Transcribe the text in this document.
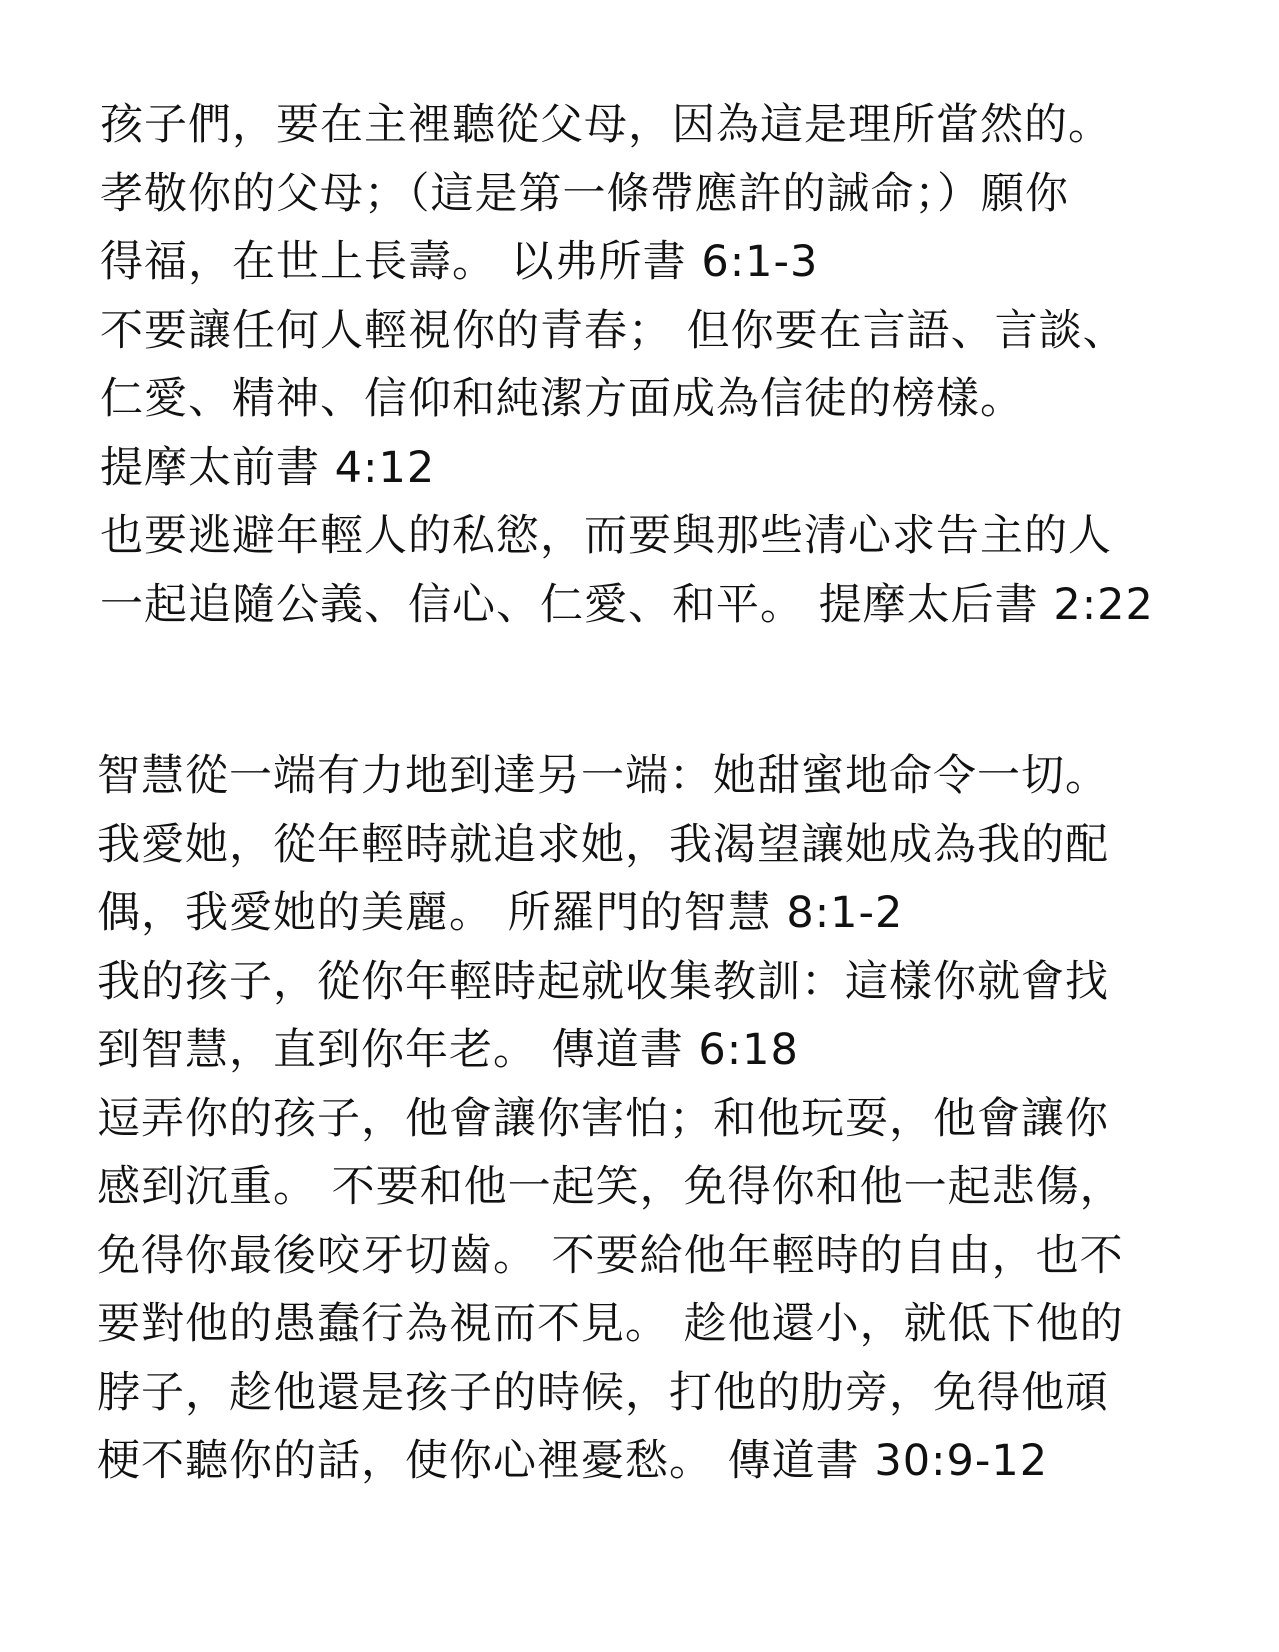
孩子們，要在主裡聽從父母，因為這是理所當然的。
孝敬你的父母；（這是第一條帶應許的誡命；）願你
得福，在世上長壽。 以弗所書 6:1-3
不要讓任何人輕視你的青春； 但你要在言語、言談、
仁愛、精神、信仰和純潔方面成為信徒的榜樣。
提摩太前書 4:12
也要逃避年輕人的私慾，而要與那些清心求告主的人
一起追隨公義、信心、仁愛、和平。 提摩太后書 2:22
智慧從一端有力地到達另一端：她甜蜜地命令一切。
我愛她，從年輕時就追求她，我渴望讓她成為我的配
偶，我愛她的美麗。 所羅門的智慧 8:1-2
我的孩子，從你年輕時起就收集教訓：這樣你就會找
到智慧，直到你年老。 傳道書 6:18
逗弄你的孩子，他會讓你害怕；和他玩耍，他會讓你
感到沉重。 不要和他一起笑，免得你和他一起悲傷，
免得你最後咬牙切齒。 不要給他年輕時的自由，也不
要對他的愚蠢行為視而不見。 趁他還小，就低下他的
脖子，趁他還是孩子的時候，打他的肋旁，免得他頑
梗不聽你的話，使你心裡憂愁。 傳道書 30:9-12
